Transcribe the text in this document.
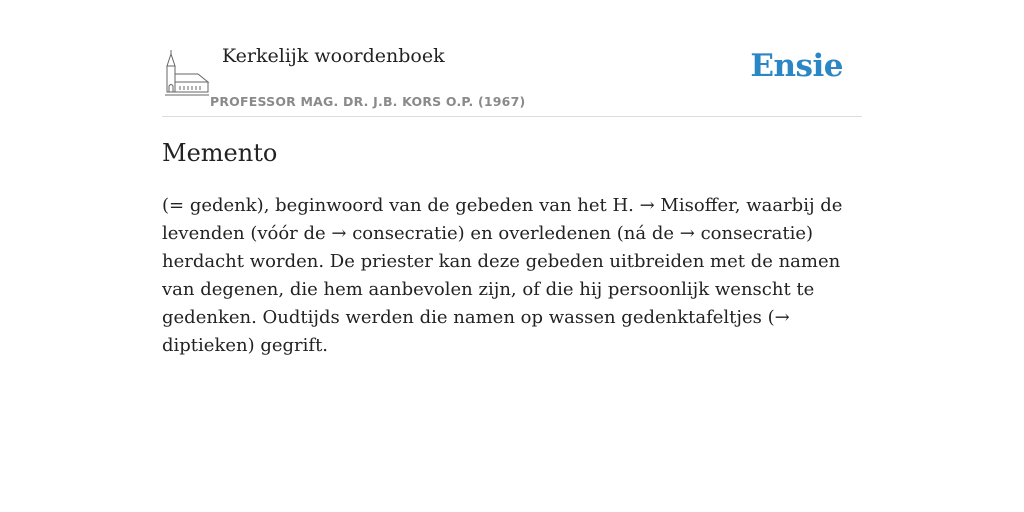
Kerkelijk woordenboek
PROFESSOR MAG. DR. J.B. KORS O.P. (1967)
Ensie
Memento

(= gedenk), beginwoord van de gebeden van het H. → Misoffer, waarbij de levenden (vóór de → consecratie) en overledenen (ná de → consecratie) herdacht worden. De priester kan deze gebeden uitbreiden met de namen van degenen, die hem aanbevolen zijn, of die hij persoonlijk wenscht te gedenken. Oudtijds werden die namen op wassen gedenktafeltjes (→ diptieken) gegrift.
